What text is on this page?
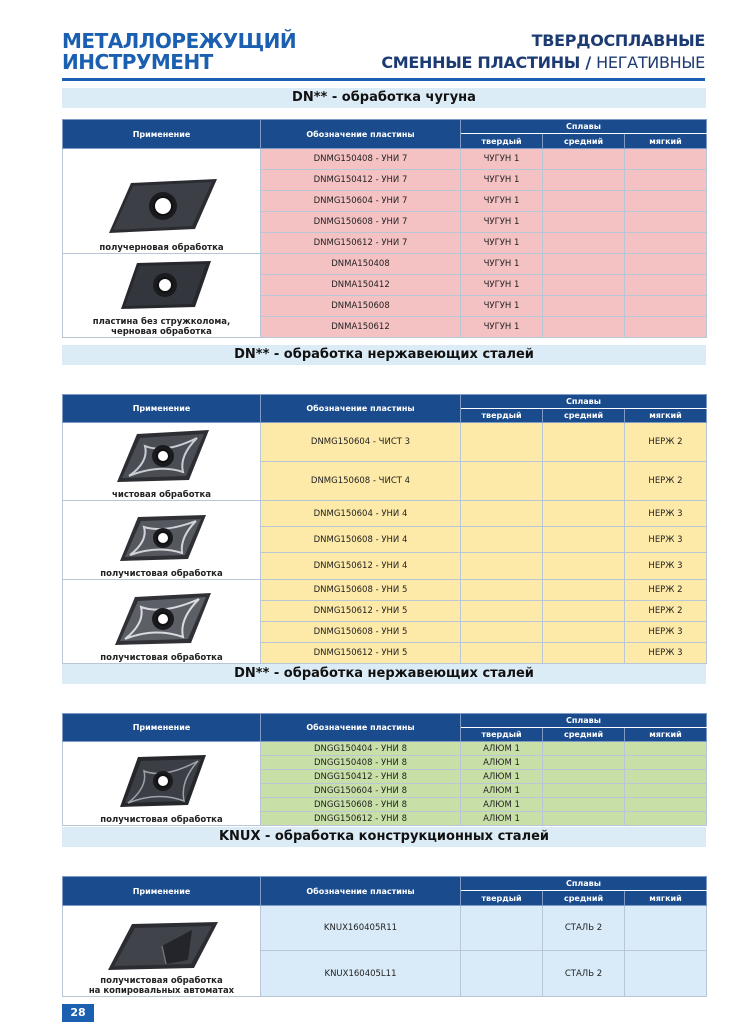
МЕТАЛЛОРЕЖУЩИЙ
ИНСТРУМЕНТ
ТВЕРДОСПЛАВНЫЕ
СМЕННЫЕ ПЛАСТИНЫ / НЕГАТИВНЫЕ
DN** - обработка чугуна
Применение	Обозначение пластины	Сплавы		
		твердый	средний	мягкий

получерновая обработка	DNMG150408 - УНИ 7	ЧУГУН 1		
	DNMG150412 - УНИ 7	ЧУГУН 1		
	DNMG150604 - УНИ 7	ЧУГУН 1		
	DNMG150608 - УНИ 7	ЧУГУН 1		
	DNMG150612 - УНИ 7	ЧУГУН 1		

пластина без стружколома,
черновая обработка	DNMA150408	ЧУГУН 1		
	DNMA150412	ЧУГУН 1		
	DNMA150608	ЧУГУН 1		
	DNMA150612	ЧУГУН 1		
DN** - обработка нержавеющих сталей
Применение	Обозначение пластины	Сплавы		
		твердый	средний	мягкий

чистовая обработка	DNMG150604 - ЧИСТ 3			НЕРЖ 2
	DNMG150608 - ЧИСТ 4			НЕРЖ 2

получистовая обработка	DNMG150604 - УНИ 4			НЕРЖ 3
	DNMG150608 - УНИ 4			НЕРЖ 3
	DNMG150612 - УНИ 4			НЕРЖ 3

получистовая обработка	DNMG150608 - УНИ 5			НЕРЖ 2
	DNMG150612 - УНИ 5			НЕРЖ 2
	DNMG150608 - УНИ 5			НЕРЖ 3
	DNMG150612 - УНИ 5			НЕРЖ 3
DN** - обработка нержавеющих сталей
Применение	Обозначение пластины	Сплавы		
		твердый	средний	мягкий

получистовая обработка	DNGG150404 - УНИ 8	АЛЮМ 1		
	DNGG150408 - УНИ 8	АЛЮМ 1		
	DNGG150412 - УНИ 8	АЛЮМ 1		
	DNGG150604 - УНИ 8	АЛЮМ 1		
	DNGG150608 - УНИ 8	АЛЮМ 1		
	DNGG150612 - УНИ 8	АЛЮМ 1		
KNUX - обработка конструкционных сталей
Применение	Обозначение пластины	Сплавы		
		твердый	средний	мягкий

получистовая обработка
на копировальных автоматах	KNUX160405R11		СТАЛЬ 2	
	KNUX160405L11		СТАЛЬ 2	
28
